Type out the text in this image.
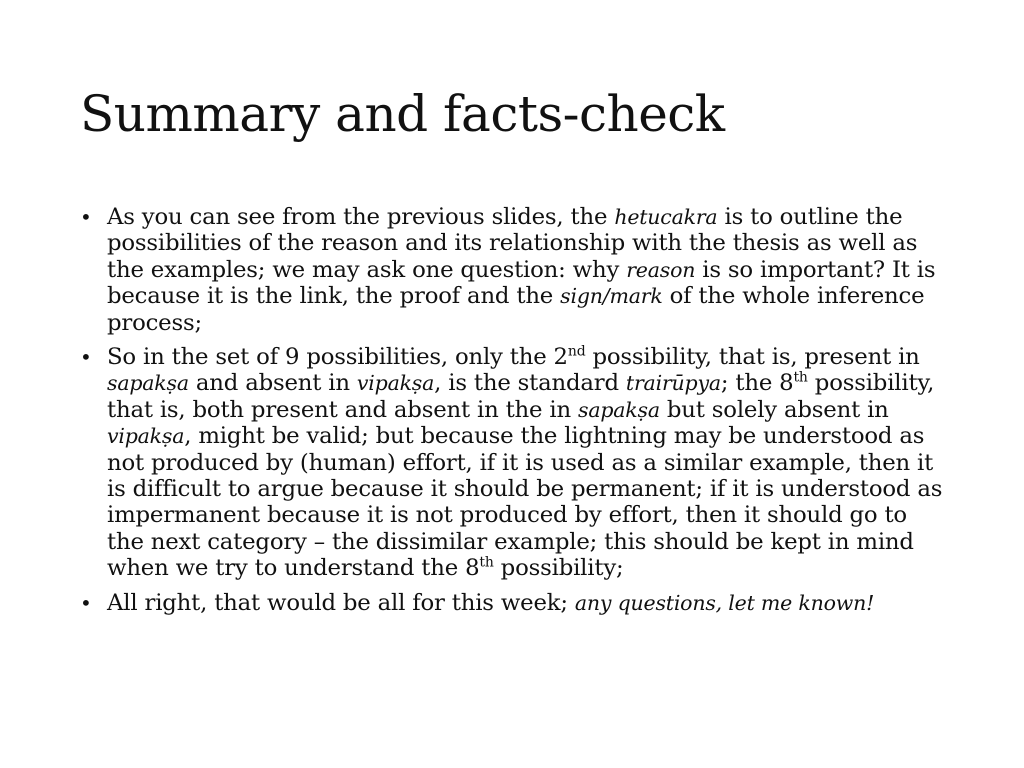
Summary and facts-check
• As you can see from the previous slides, the hetucakra is to outline the possibilities of the reason and its relationship with the thesis as well as the examples; we may ask one question: why reason is so important? It is because it is the link, the proof and the sign/mark of the whole inference process;
• So in the set of 9 possibilities, only the 2nd possibility, that is, present in sapakṣa and absent in vipakṣa, is the standard trairūpya; the 8th possibility, that is, both present and absent in the in sapakṣa but solely absent in vipakṣa, might be valid; but because the lightning may be understood as not produced by (human) effort, if it is used as a similar example, then it is difficult to argue because it should be permanent; if it is understood as impermanent because it is not produced by effort, then it should go to the next category – the dissimilar example; this should be kept in mind when we try to understand the 8th possibility;
• All right, that would be all for this week; any questions, let me known!
